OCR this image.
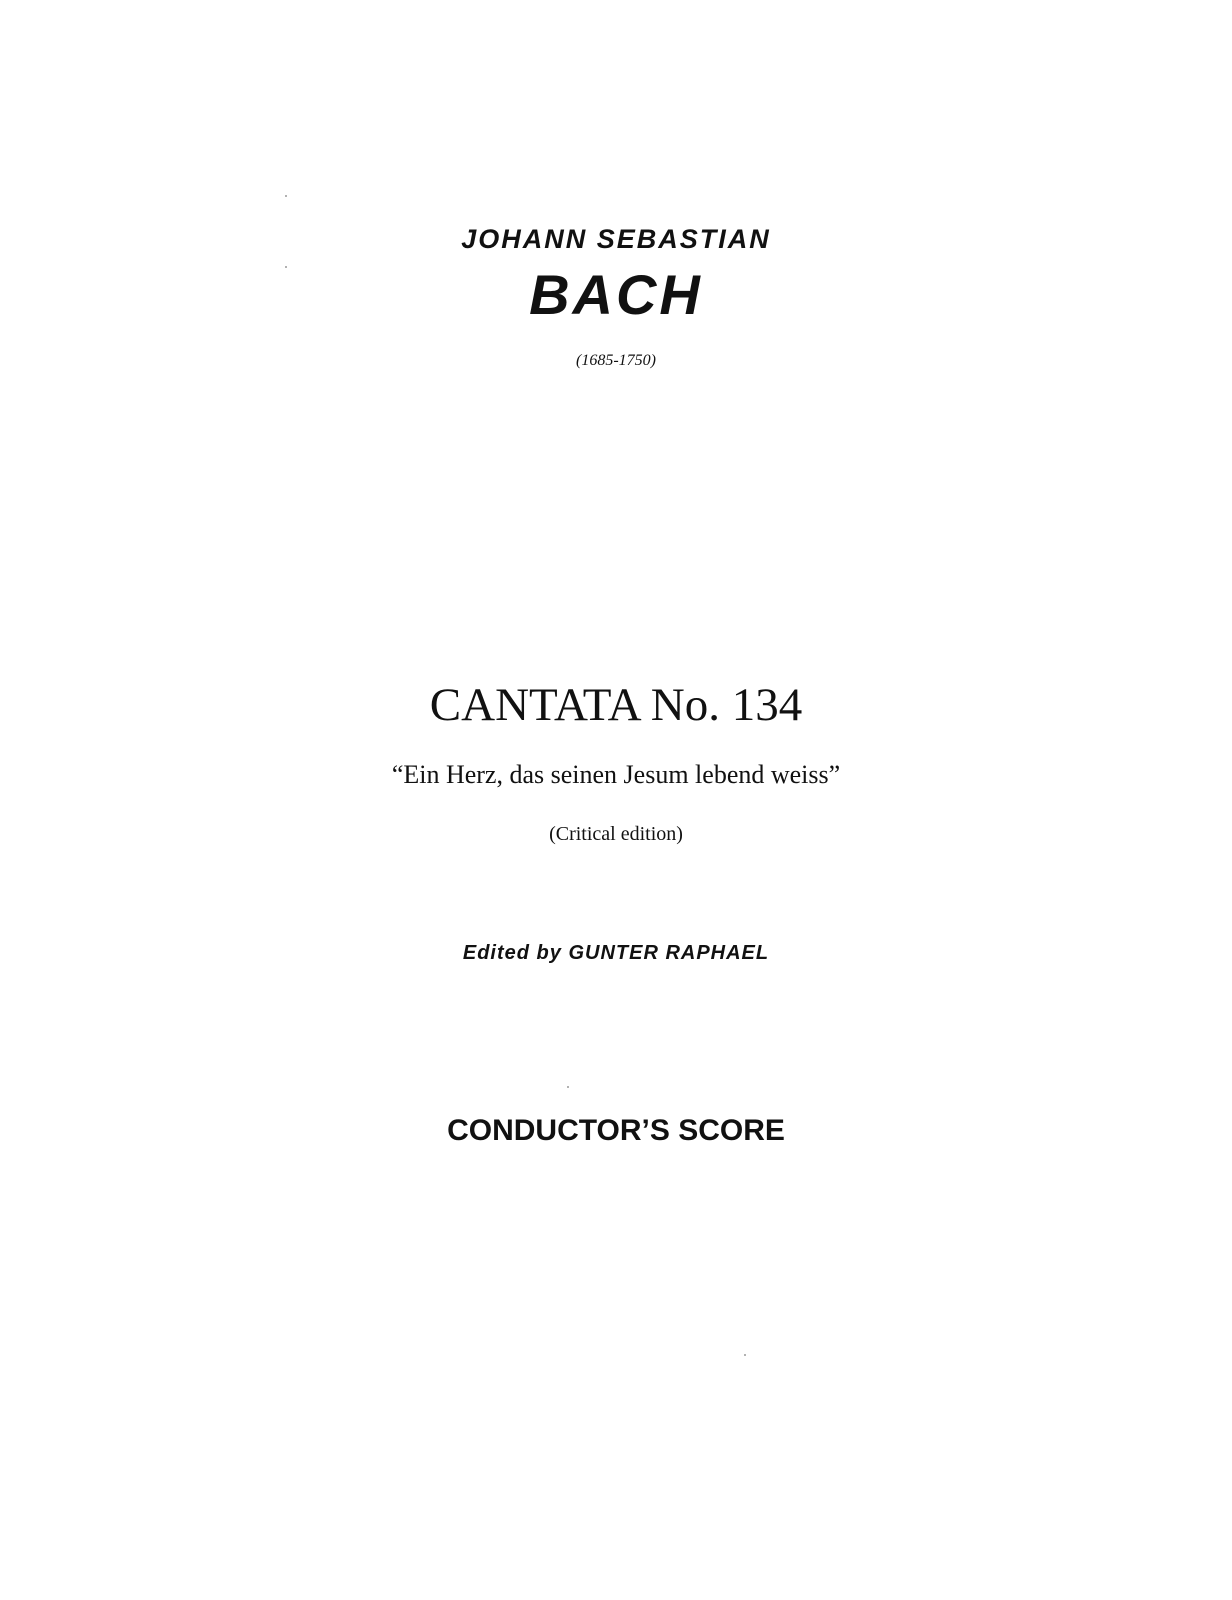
JOHANN SEBASTIAN
BACH
(1685-1750)
CANTATA No. 134
“Ein Herz, das seinen Jesum lebend weiss”
(Critical edition)
Edited by GUNTER RAPHAEL
CONDUCTOR’S SCORE
